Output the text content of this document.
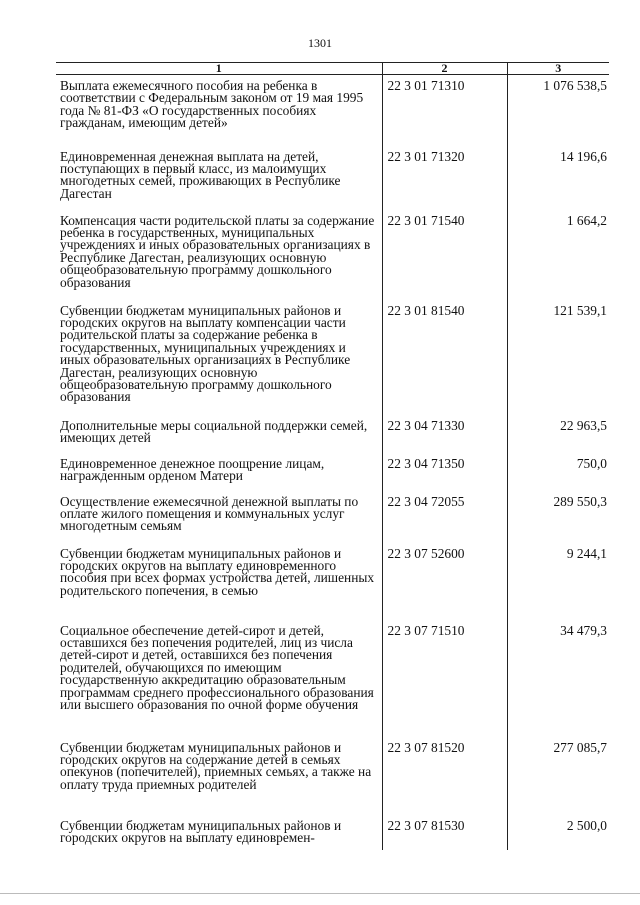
1301
1	2	3
Выплата ежемесячного пособия на ребенка в соответствии с Федеральным законом от 19 мая 1995 года № 81-ФЗ «О государственных пособиях гражданам, имеющим детей»	22 3 01 71310	1 076 538,5
Единовременная денежная выплата на детей, поступающих в первый класс, из малоимущих многодетных семей, проживающих в Республике Дагестан	22 3 01 71320	14 196,6
Компенсация части родительской платы за содержание ребенка в государственных, муниципальных учреждениях и иных образовательных организациях в Республике Дагестан, реализующих основную общеобразовательную программу дошкольного образования	22 3 01 71540	1 664,2
Субвенции бюджетам муниципальных районов и городских округов на выплату компенсации части родительской платы за содержание ребенка в государственных, муниципальных учреждениях и иных образовательных организациях в Республике Дагестан, реализующих основную общеобразовательную программу дошкольного образования	22 3 01 81540	121 539,1
Дополнительные меры социальной поддержки семей, имеющих детей	22 3 04 71330	22 963,5
Единовременное денежное поощрение лицам, награжденным орденом Матери	22 3 04 71350	750,0
Осуществление ежемесячной денежной выплаты по оплате жилого помещения и коммунальных услуг многодетным семьям	22 3 04 72055	289 550,3
Субвенции бюджетам муниципальных районов и городских округов на выплату единовременного пособия при всех формах устройства детей, лишенных родительского попечения, в семью	22 3 07 52600	9 244,1
Социальное обеспечение детей-сирот и детей, оставшихся без попечения родителей, лиц из числа детей-сирот и детей, оставшихся без попечения родителей, обучающихся по имеющим государственную аккредитацию образовательным программам среднего профессионального образования или высшего образования по очной форме обучения	22 3 07 71510	34 479,3
Субвенции бюджетам муниципальных районов и городских округов на содержание детей в семьях опекунов (попечителей), приемных семьях, а также на оплату труда приемных родителей	22 3 07 81520	277 085,7
Субвенции бюджетам муниципальных районов и городских округов на выплату единовремен-	22 3 07 81530	2 500,0
